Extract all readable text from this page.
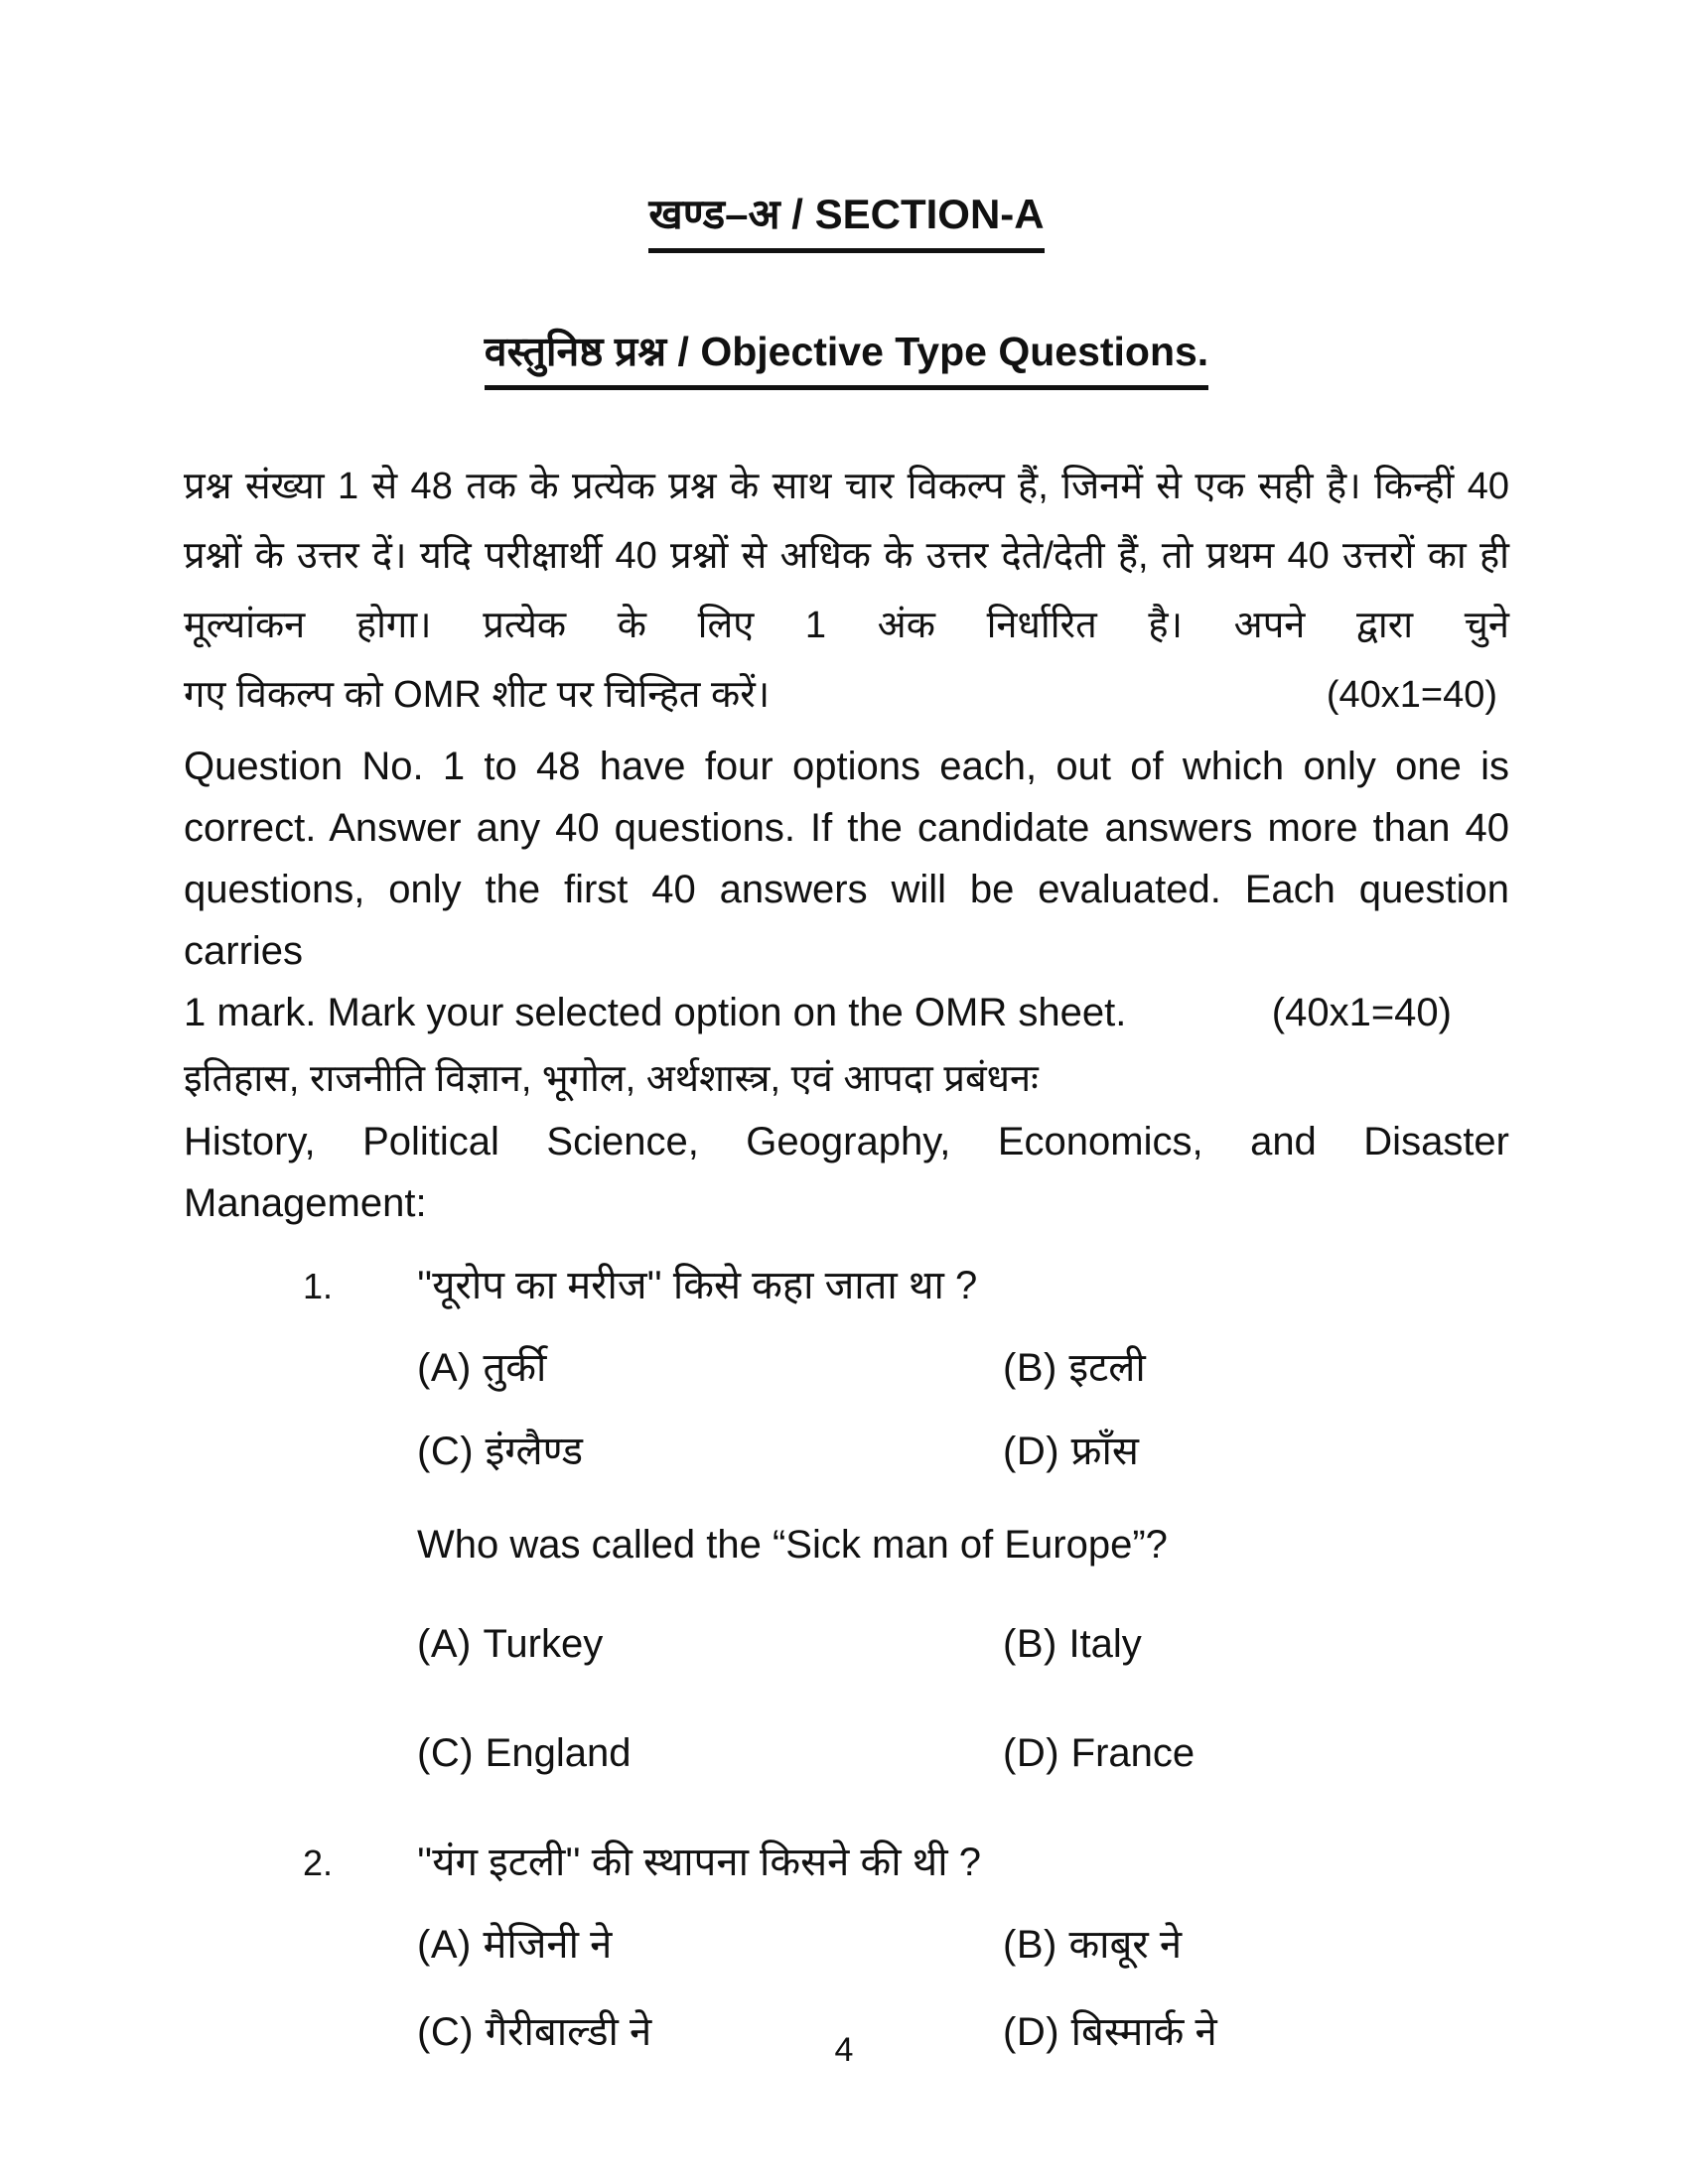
खण्ड–अ / SECTION-A
वस्तुनिष्ठ प्रश्न / Objective Type Questions.
प्रश्न संख्या 1 से 48 तक के प्रत्येक प्रश्न के साथ चार विकल्प हैं, जिनमें से एक सही है। किन्हीं 40 प्रश्नों के उत्तर दें। यदि परीक्षार्थी 40 प्रश्नों से अधिक के उत्तर देते/देती हैं, तो प्रथम 40 उत्तरों का ही मूल्यांकन होगा। प्रत्येक के लिए 1 अंक निर्धारित है। अपने द्वारा चुने
गए विकल्प को OMR शीट पर चिन्हित करें।	(40x1=40)
Question No. 1 to 48 have four options each, out of which only one is correct. Answer any 40 questions. If the candidate answers more than 40 questions, only the first 40 answers will be evaluated. Each question carries
1 mark. Mark your selected option on the OMR sheet.	(40x1=40)
इतिहास, राजनीति विज्ञान, भूगोल, अर्थशास्त्र, एवं आपदा प्रबंधनः
History, Political Science, Geography, Economics, and Disaster Management:
1.	''यूरोप का मरीज'' किसे कहा जाता था ?
(A) तुर्की	(B) इटली
(C) इंग्लैण्ड	(D) फ्राँस
Who was called the “Sick man of Europe”?
(A) Turkey	(B) Italy
(C) England	(D) France
2.	''यंग इटली'' की स्थापना किसने की थी ?
(A) मेजिनी ने	(B) काबूर ने
(C) गैरीबाल्डी ने	(D) बिस्मार्क ने
4
